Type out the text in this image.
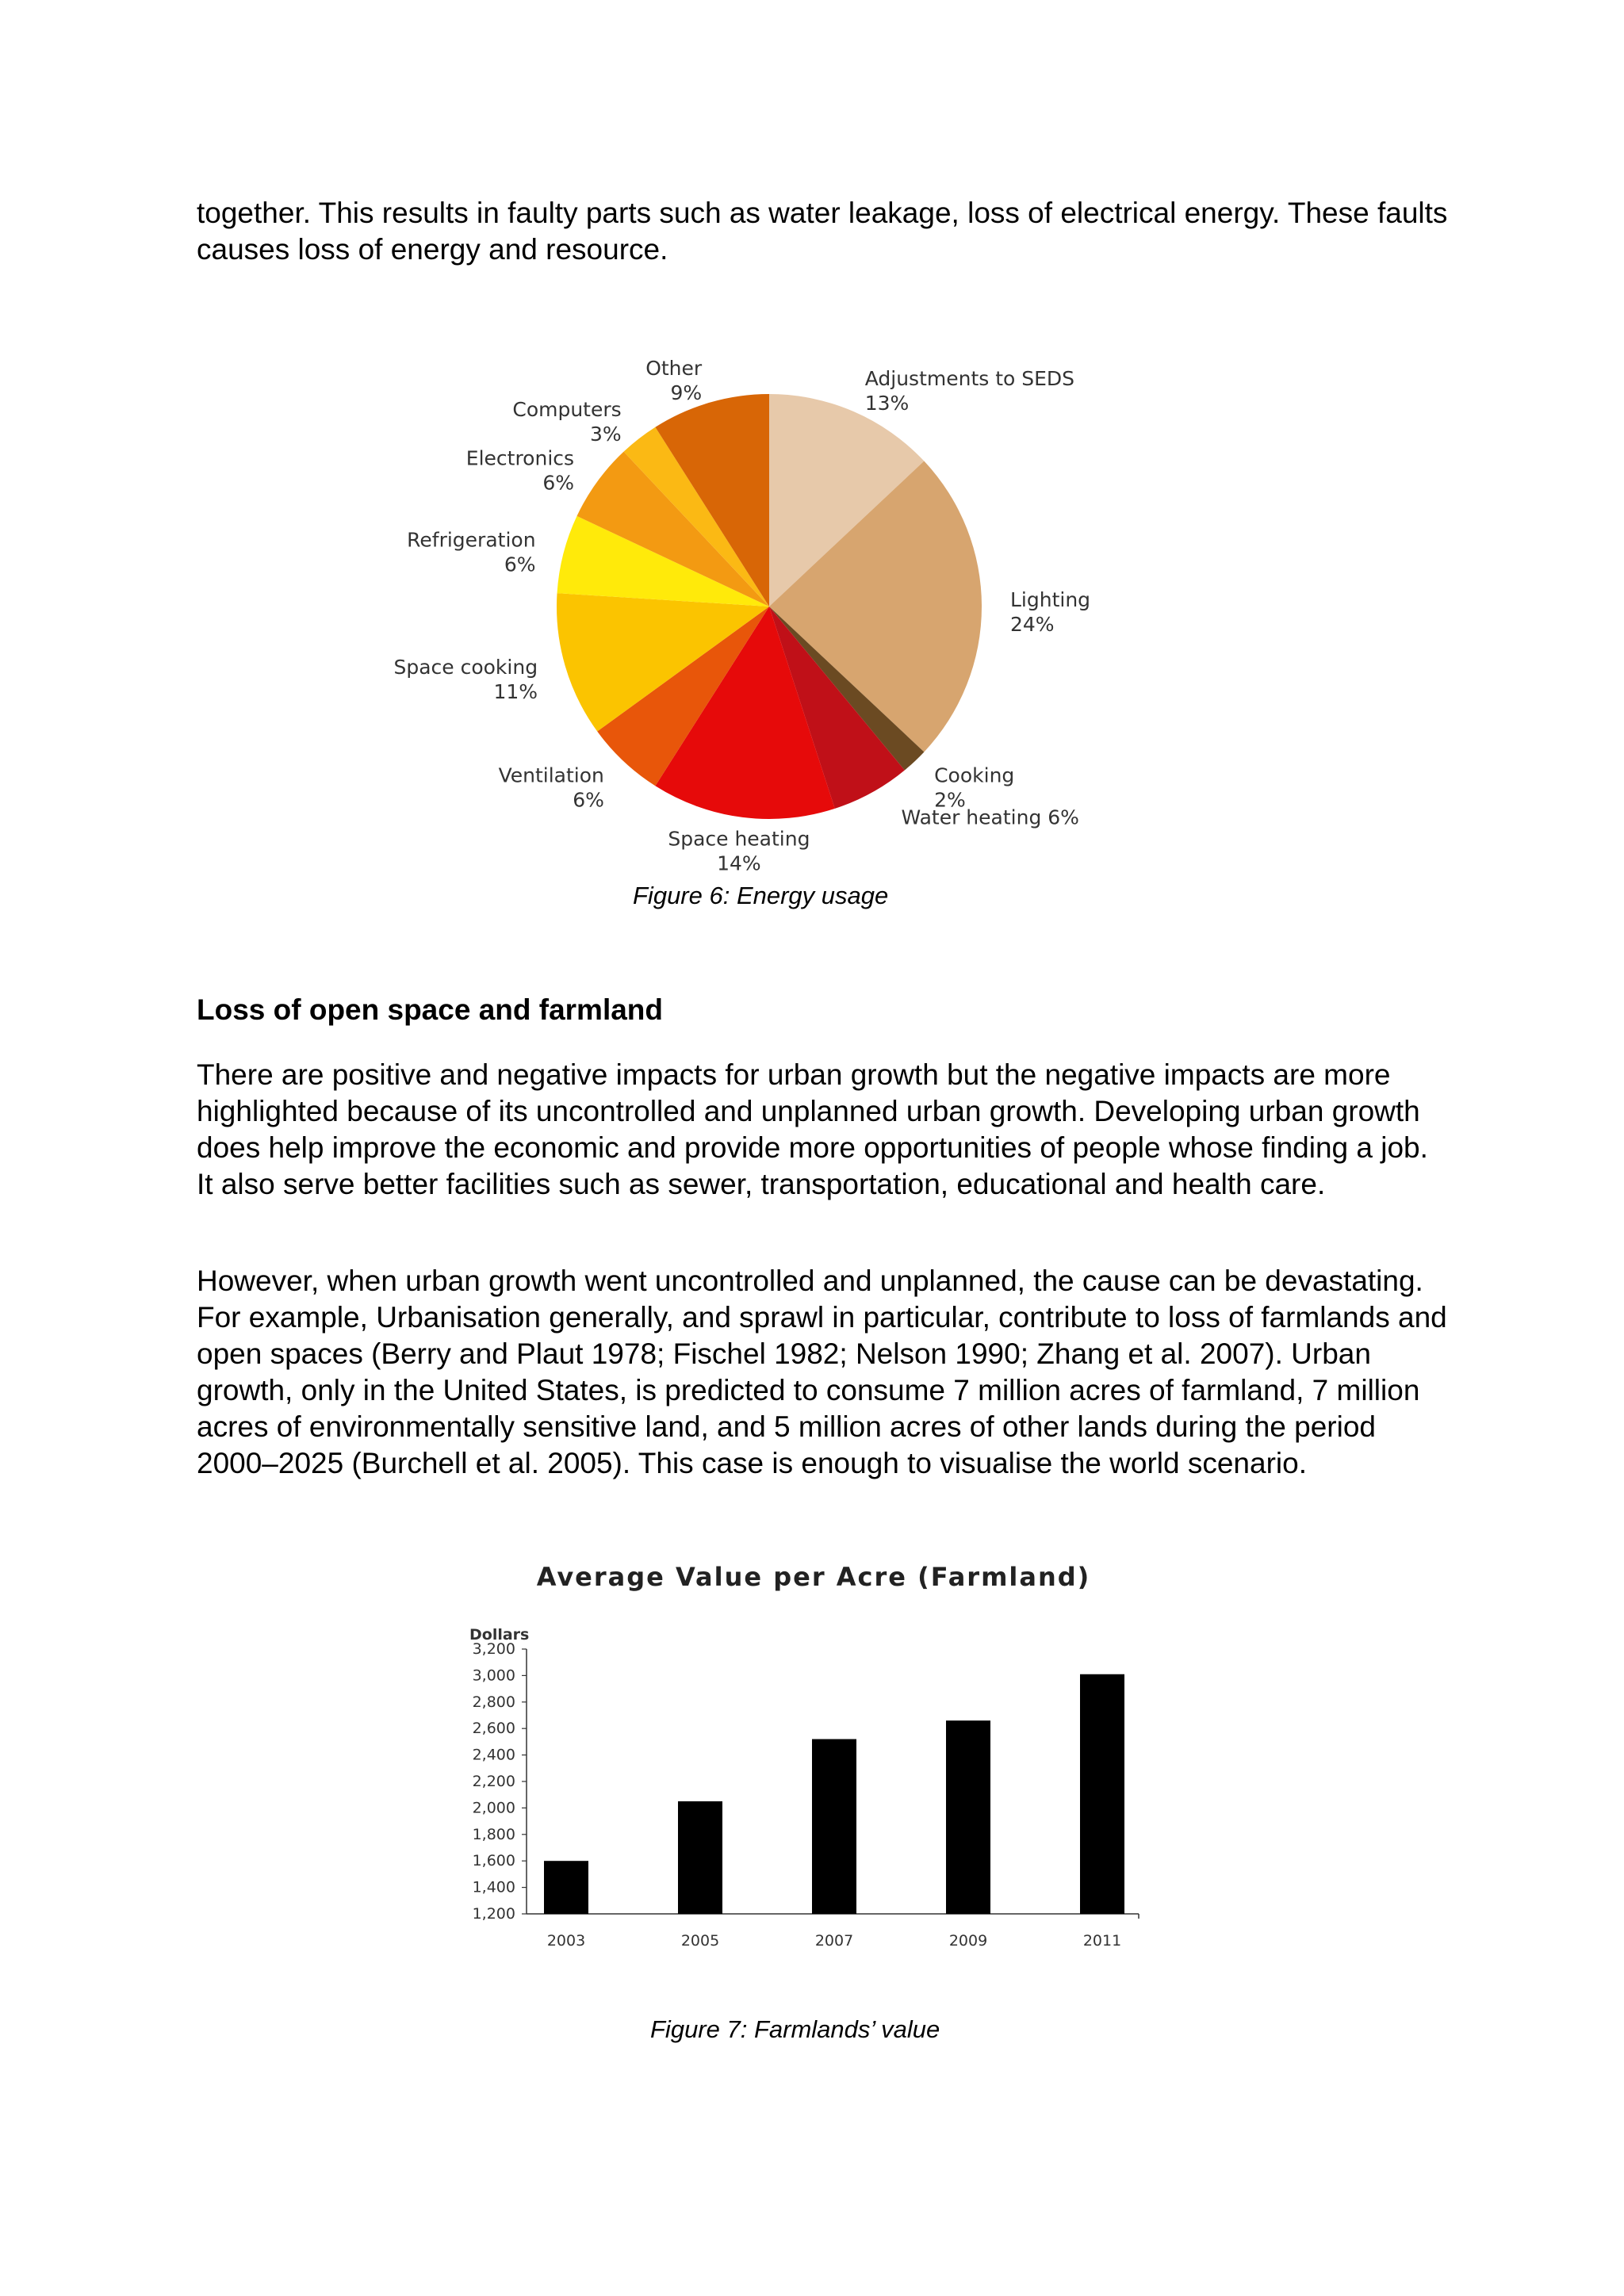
together. This results in faulty parts such as water leakage, loss of electrical energy. These faults causes loss of energy and resource.

Adjustments to SEDS
13%
Lighting
24%
Cooking
2%
Water heating 6%
Space heating
14%
Ventilation
6%
Space cooking
11%
Refrigeration
6%
Electronics
6%
Computers
3%
Other
9%

Figure 6: Energy usage

Loss of open space and farmland

There are positive and negative impacts for urban growth but the negative impacts are more highlighted because of its uncontrolled and unplanned urban growth. Developing urban growth does help improve the economic and provide more opportunities of people whose finding a job. It also serve better facilities such as sewer, transportation, educational and health care.

However, when urban growth went uncontrolled and unplanned, the cause can be devastating. For example, Urbanisation generally, and sprawl in particular, contribute to loss of farmlands and open spaces (Berry and Plaut 1978; Fischel 1982; Nelson 1990; Zhang et al. 2007). Urban growth, only in the United States, is predicted to consume 7 million acres of farmland, 7 million acres of environmentally sensitive land, and 5 million acres of other lands during the period 2000–2025 (Burchell et al. 2005). This case is enough to visualise the world scenario.

Average Value per Acre (Farmland)
Dollars
1,200
1,400
1,600
1,800
2,000
2,200
2,400
2,600
2,800
3,000
3,200
2003	2005	2007	2009	2011

Figure 7: Farmlands’ value
